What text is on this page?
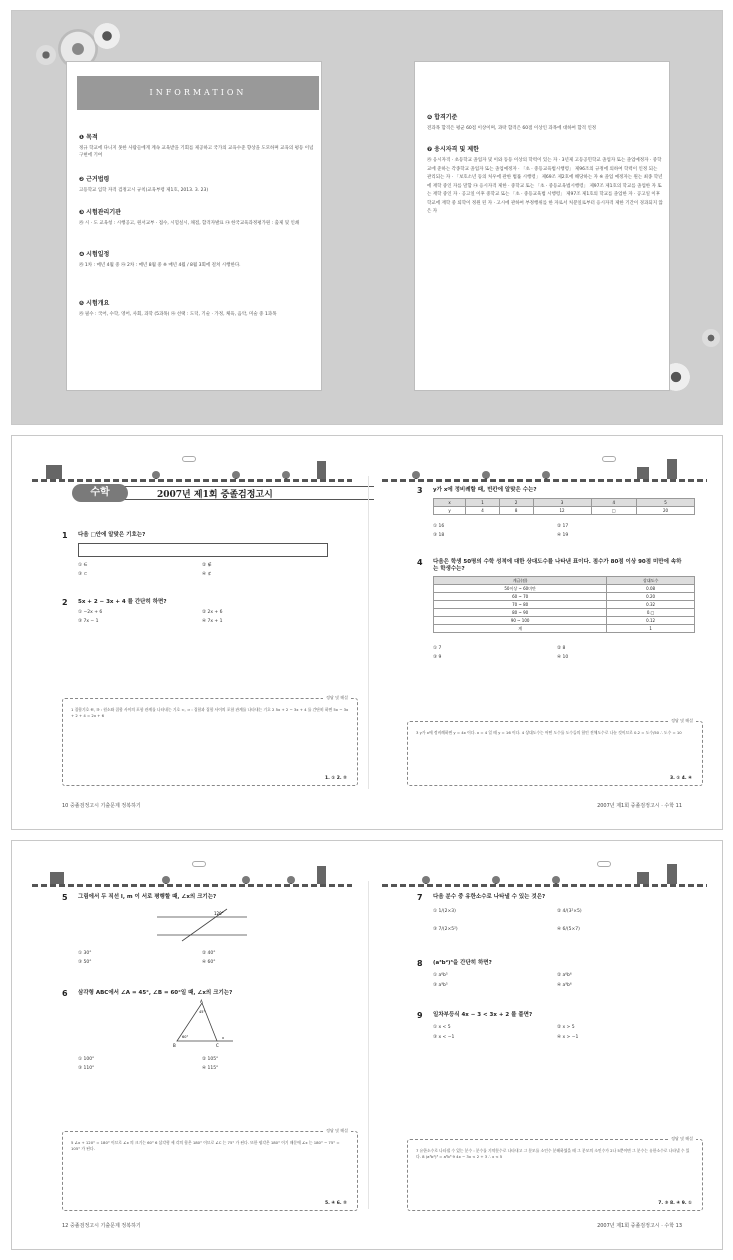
INFORMATION
❶ 목적

정규 학교에 다니지 못한 사람들에게 계속 교육받을 기회를 제공하고 국가의 교육수준 향상을 도모하며 교육의 평등 이념 구현에 기여

❷ 근거법령

고등학교 입학 자격 검정고시 규칙(교육부령 제1호, 2013. 3. 23)

❸ 시험관리기관

㉮ 시 · 도 교육청 : 시행공고, 원서교부 · 접수, 시험실시, 채점, 합격자발표 ㉯ 한국교육과정평가원 : 출제 및 인쇄

❹ 시험일정

㉮ 1차 : 매년 4월 중 ㉯ 2차 : 매년 8월 중 ※ 매년 4월 / 8월 3회에 걸쳐 시행한다.

❺ 시험개요

㉮ 필수 : 국어, 수학, 영어, 사회, 과학 (5과목) ㉯ 선택 : 도덕, 기술 · 가정, 체육, 음악, 미술 중 1과목

❻ 합격기준

전과목 합격은 평균 60점 이상이며, 과락 합격은 60점 이상인 과목에 대하여 합격 인정

❼ 응시자격 및 제한

㉮ 응시자격 · 초등학교 졸업자 및 이와 동등 이상의 학력이 있는 자 · 3년제 고등공민학교 졸업자 또는 졸업예정자 · 중학교에 준하는 각종학교 졸업자 또는 졸업예정자 · 「초 · 중등교육법시행령」 제96조의 규정에 의하여 학력이 인정 되는 관리되는 자 · 「보호소년 등의 처우에 관한 법률 시행령」 제69조 제2호에 해당하는 자 ※ 졸업 예정자는 원는 최종 학년에 재학 중인 자를 말함 ㉯ 응시자격 제한 · 중학교 또는 「초 · 중등교육법시행령」 제97조 제1호의 학교를 졸업한 자 또는 재학 중인 자 · 공고일 이후 중학교 또는 「초 · 중등교육법 시행령」 제97조 제1호의 학교를 졸업한 자 · 공고일 이후 학교에 재학 중 퇴학이 정원 된 자 · 고시에 관하여 부정행위를 한 자로서 처분일로부터 응시자격 제한 기간이 경과되지 않은 자

수학	2007년 제1회 중졸검정고시
1 다음 □안에 알맞은 기호는?
① ∈	② ∉
③ ⊂	④ ⊄
2 5x + 2 − 3x + 4 를 간단히 하면?
① −2x + 6	② 2x + 6
③ 7x − 1	④ 7x + 1
3 y가 x에 정비례할 때, 빈칸에 알맞은 수는?
x	1	2	3	4	5
y	4	8	12	□	20
① 16	② 17
③ 18	④ 19
4 다음은 학생 50명의 수학 성적에 대한 상대도수를 나타낸 표이다. 점수가 80점 이상 90점 미만에 속하는 학생수는?
계급(점)	상대도수
50이상 ~ 60미만	0.08
60 ~ 70	0.20
70 ~ 80	0.32
80 ~ 90	0.□
90 ~ 100	0.12
계	1
① 7	② 8
③ 9	④ 10
정답 및 해설
1 집합기호 ∈, ∋ : 원소와 집합 사이의 포함 관계를 나타내는 기호 ⊂, ⊃ : 집합과 집합 사이의 포함 관계를 나타내는 기호 2 5x + 2 − 3x + 4 를 간단히 하면 5x − 3x + 2 + 4 = 2x + 6
1. ① 2. ②
정답 및 해설
3 y가 x에 정비례하면 y = 4x 이다. x = 4 일 때 y = 16 이다. 4 상대도수는 어떤 도수를 도수들의 합인 전체도수로 나눈 것이므로 0.2 = 도수/50 ∴ 도수 = 10
3. ① 4. ④
10 중졸검정고시 기출문제 정복하기	2007년 제1회 중졸검정고시 · 수학 11
5 그림에서 두 직선 l, m 이 서로 평행할 때, ∠x의 크기는?
120°
① 30°	② 40°
③ 50°	④ 60°
6 삼각형 ABC에서 ∠A = 45°, ∠B = 60°일 때, ∠x의 크기는?
A
B	C
45°
60°	x
① 100°	② 105°
③ 110°	④ 115°
7 다음 분수 중 유한소수로 나타낼 수 있는 것은?
① 1/(2×3)	② 4/(3²×5)
③ 7/(2×5²)	④ 6/(5×7)
8 (a³b²)³을 간단히 하면?
① a⁶b⁵	② a⁶b⁶
③ a⁹b⁵	④ a⁹b⁶
9 일차부등식 4x − 3 < 3x + 2 를 풀면?
① x < 5	② x > 5
③ x < −1	④ x > −1
정답 및 해설
5 ∠x + 120° = 180° 이므로 ∠x 의 크기는 60° 6 삼각형 세 각의 합은 180° 이므로 ∠C 는 75° 가 된다. 또한 평각은 180° 이기 때문에 ∠x 는 180° − 75° = 105° 가 된다.
5. ④ 6. ②
정답 및 해설
7 유한소수로 나타낼 수 있는 분수 : 분수를 기약분수로 나타내고 그 분모를 소인수 분해하였을 때 그 분모의 소인수가 2나 5뿐이면 그 분수는 유한소수로 나타낼 수 있다. 8 (a³b²)³ = a⁹b⁶ 9 4x − 3x < 2 + 3 ∴ x < 5
7. ③ 8. ④ 9. ①
12 중졸검정고시 기출문제 정복하기	2007년 제1회 중졸검정고시 · 수학 13
